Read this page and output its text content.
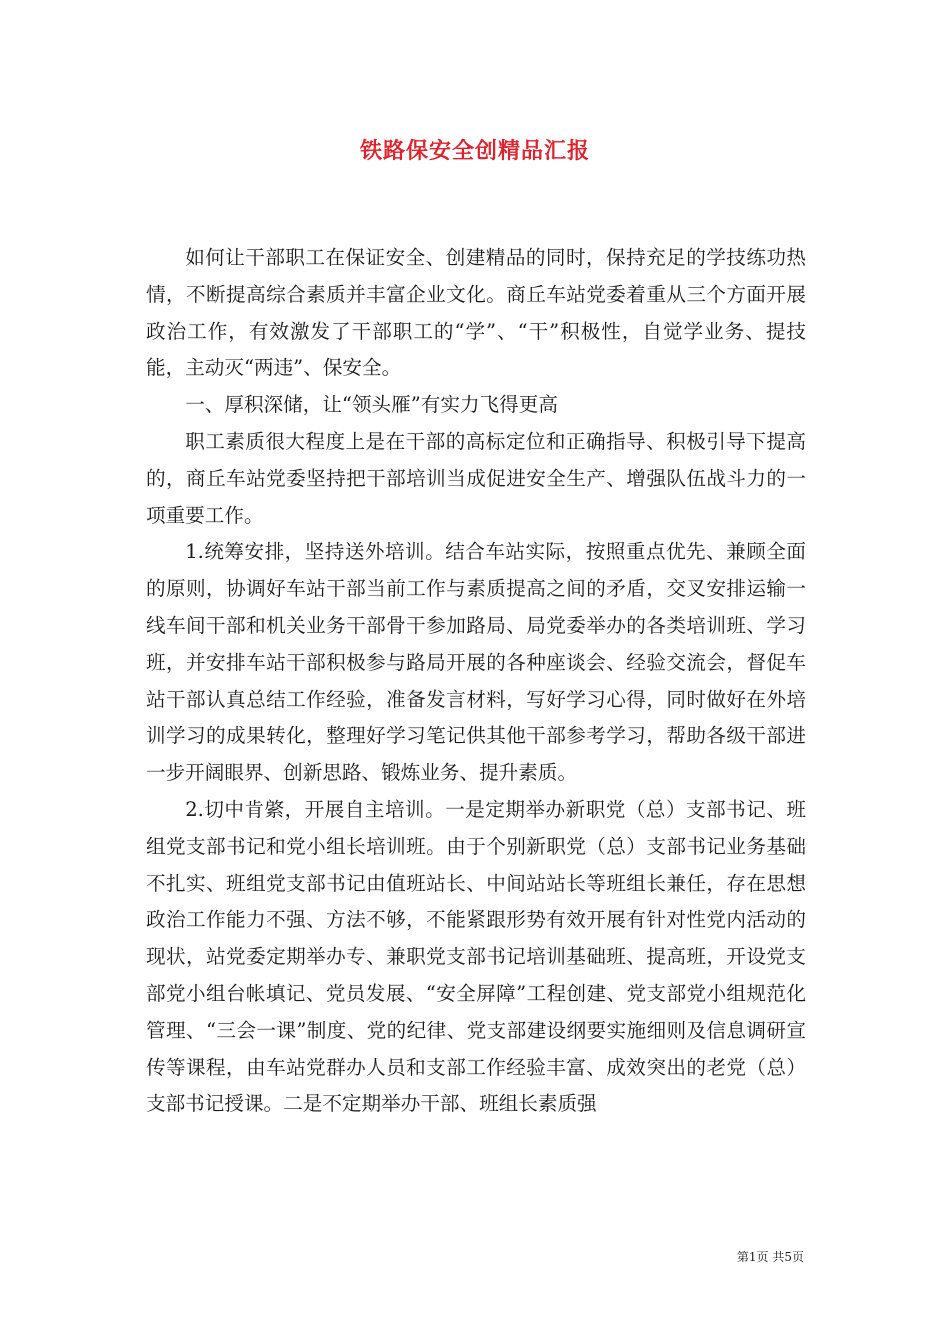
铁路保安全创精品汇报

如何让干部职工在保证安全、创建精品的同时，保持充足的学技练功热情，不断提高综合素质并丰富企业文化。商丘车站党委着重从三个方面开展政治工作，有效激发了干部职工的“学”、“干”积极性，自觉学业务、提技能，主动灭“两违”、保安全。

一、厚积深储，让“领头雁”有实力飞得更高

职工素质很大程度上是在干部的高标定位和正确指导、积极引导下提高的，商丘车站党委坚持把干部培训当成促进安全生产、增强队伍战斗力的一项重要工作。

1.统筹安排，坚持送外培训。结合车站实际，按照重点优先、兼顾全面的原则，协调好车站干部当前工作与素质提高之间的矛盾，交叉安排运输一线车间干部和机关业务干部骨干参加路局、局党委举办的各类培训班、学习班，并安排车站干部积极参与路局开展的各种座谈会、经验交流会，督促车站干部认真总结工作经验，准备发言材料，写好学习心得，同时做好在外培训学习的成果转化，整理好学习笔记供其他干部参考学习，帮助各级干部进一步开阔眼界、创新思路、锻炼业务、提升素质。

2.切中肯綮，开展自主培训。一是定期举办新职党（总）支部书记、班组党支部书记和党小组长培训班。由于个别新职党（总）支部书记业务基础不扎实、班组党支部书记由值班站长、中间站站长等班组长兼任，存在思想政治工作能力不强、方法不够，不能紧跟形势有效开展有针对性党内活动的现状，站党委定期举办专、兼职党支部书记培训基础班、提高班，开设党支部党小组台帐填记、党员发展、“安全屏障”工程创建、党支部党小组规范化管理、“三会一课”制度、党的纪律、党支部建设纲要实施细则及信息调研宣传等课程，由车站党群办人员和支部工作经验丰富、成效突出的老党（总）支部书记授课。二是不定期举办干部、班组长素质强

第1页 共5页
